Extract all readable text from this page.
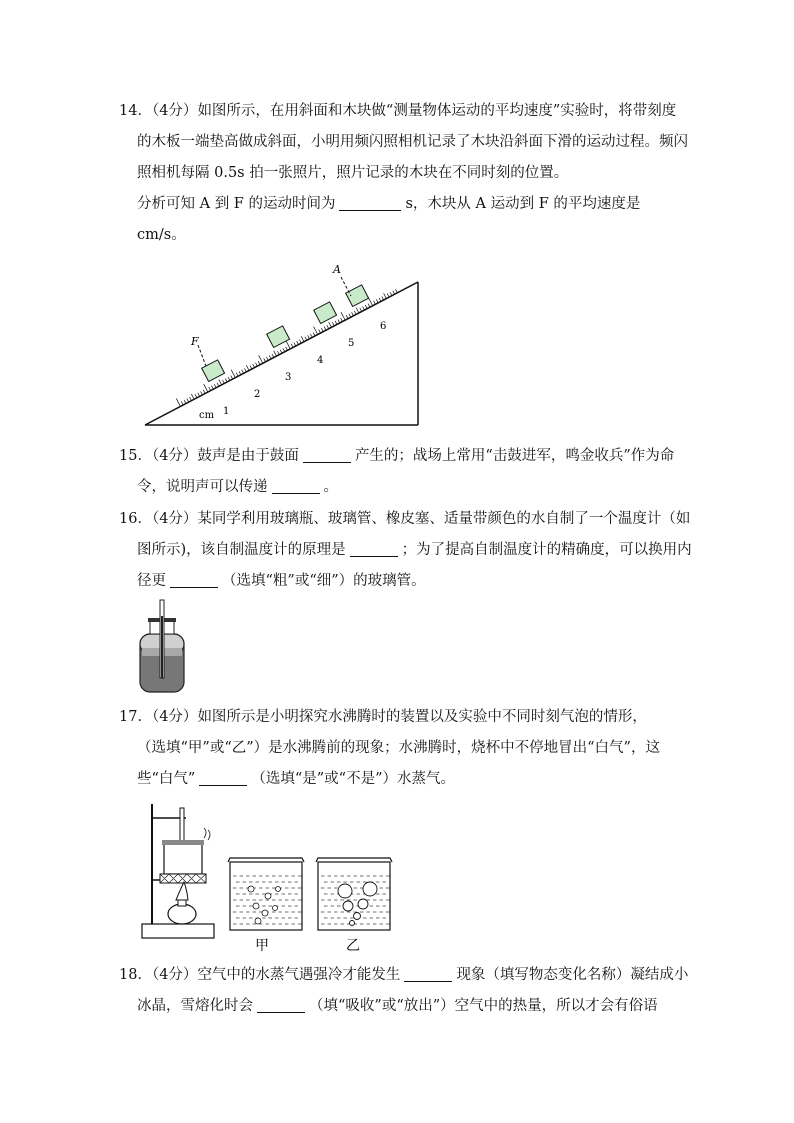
14．（4分）如图所示，在用斜面和木块做“测量物体运动的平均速度”实验时，将带刻度
的木板一端垫高做成斜面，小明用频闪照相机记录了木块沿斜面下滑的运动过程。频闪
照相机每隔 0.5s 拍一张照片，照片记录的木块在不同时刻的位置。
分析可知 A 到 F 的运动时间为	s，木块从 A 运动到 F 的平均速度是
cm/s。
F
A
cm 1
2
3
4
5
6
15．（4分）鼓声是由于鼓面	产生的；战场上常用“击鼓进军，鸣金收兵”作为命
令，说明声可以传递	。
16．（4分）某同学利用玻璃瓶、玻璃管、橡皮塞、适量带颜色的水自制了一个温度计（如
图所示)，该自制温度计的原理是	；为了提高自制温度计的精确度，可以换用内
径更	（选填“粗”或“细”）的玻璃管。
17．（4分）如图所示是小明探究水沸腾时的装置以及实验中不同时刻气泡的情形，
（选填“甲”或“乙”）是水沸腾前的现象；水沸腾时，烧杯中不停地冒出“白气”，这
些“白气”	（选填“是”或“不是”）水蒸气。
甲	乙
18．（4分）空气中的水蒸气遇强冷才能发生	现象（填写物态变化名称）凝结成小
冰晶，雪熔化时会	（填“吸收”或“放出”）空气中的热量，所以才会有俗语
